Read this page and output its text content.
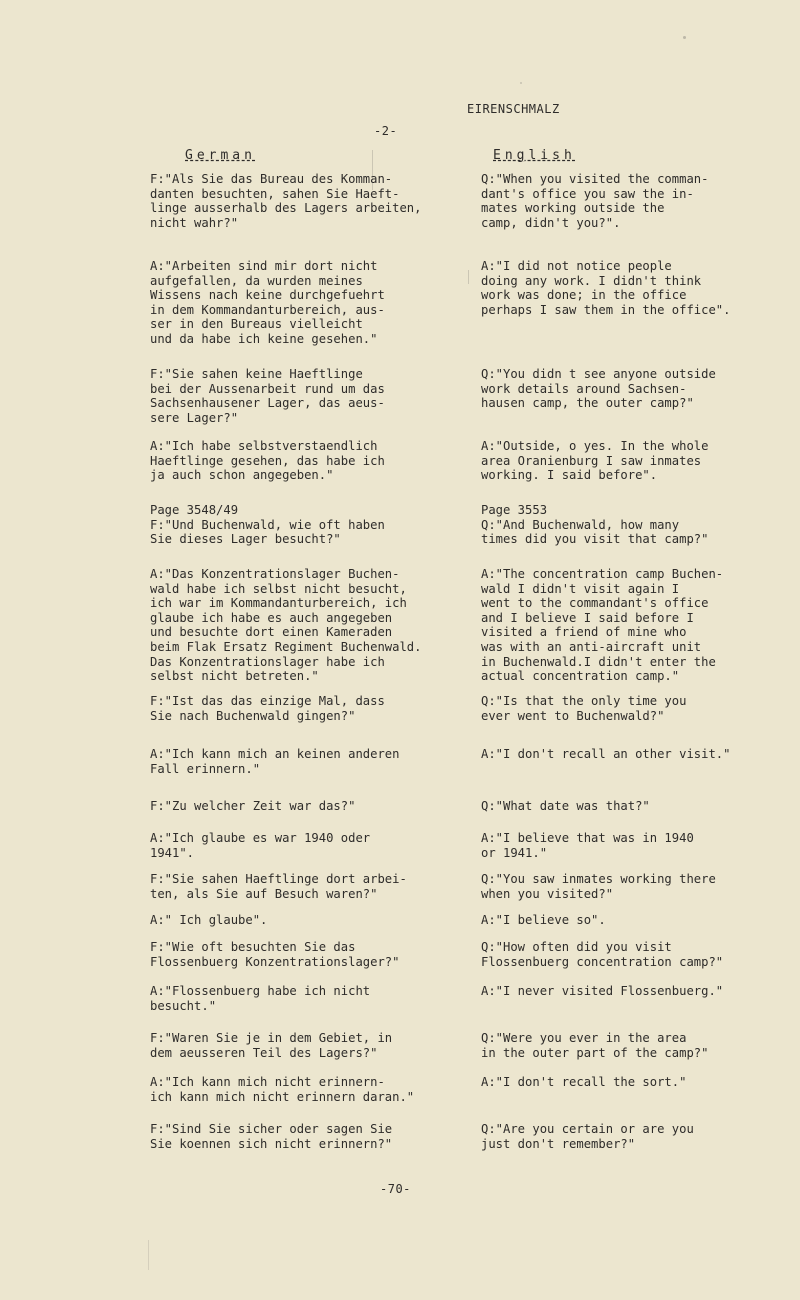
EIRENSCHMALZ
-2-
German	English
F:"Als Sie das Bureau des Komman-
danten besuchten, sahen Sie Haeft-
linge ausserhalb des Lagers arbeiten,
nicht wahr?"
A:"Arbeiten sind mir dort nicht
aufgefallen, da wurden meines
Wissens nach keine durchgefuehrt
in dem Kommandanturbereich, aus-
ser in den Bureaus vielleicht
und da habe ich keine gesehen."
F:"Sie sahen keine Haeftlinge
bei der Aussenarbeit rund um das
Sachsenhausener Lager, das aeus-
sere Lager?"
A:"Ich habe selbstverstaendlich
Haeftlinge gesehen, das habe ich
ja auch schon angegeben."
Page 3548/49
F:"Und Buchenwald, wie oft haben
Sie dieses Lager besucht?"
A:"Das Konzentrationslager Buchen-
wald habe ich selbst nicht besucht,
ich war im Kommandanturbereich, ich
glaube ich habe es auch angegeben
und besuchte dort einen Kameraden
beim Flak Ersatz Regiment Buchenwald.
Das Konzentrationslager habe ich
selbst nicht betreten."
F:"Ist das das einzige Mal, dass
Sie nach Buchenwald gingen?"
A:"Ich kann mich an keinen anderen
Fall erinnern."
F:"Zu welcher Zeit war das?"
A:"Ich glaube es war 1940 oder
1941".
F:"Sie sahen Haeftlinge dort arbei-
ten, als Sie auf Besuch waren?"
A:" Ich glaube".
F:"Wie oft besuchten Sie das
Flossenbuerg Konzentrationslager?"
A:"Flossenbuerg habe ich nicht
besucht."
F:"Waren Sie je in dem Gebiet, in
dem aeusseren Teil des Lagers?"
A:"Ich kann mich nicht erinnern-
ich kann mich nicht erinnern daran."
F:"Sind Sie sicher oder sagen Sie
Sie koennen sich nicht erinnern?"
Q:"When you visited the comman-
dant's office you saw the in-
mates working outside the
camp, didn't you?".
A:"I did not notice people
doing any work. I didn't think
work was done; in the office
perhaps I saw them in the office".
Q:"You didn t see anyone outside
work details around Sachsen-
hausen camp, the outer camp?"
A:"Outside, o yes. In the whole
area Oranienburg I saw inmates
working. I said before".
Page 3553
Q:"And Buchenwald, how many
times did you visit that camp?"
A:"The concentration camp Buchen-
wald I didn't visit again I
went to the commandant's office
and I believe I said before I
visited a friend of mine who
was with an anti-aircraft unit
in Buchenwald.I didn't enter the
actual concentration camp."
Q:"Is that the only time you
ever went to Buchenwald?"
A:"I don't recall an other visit."
Q:"What date was that?"
A:"I believe that was in 1940
or 1941."
Q:"You saw inmates working there
when you visited?"
A:"I believe so".
Q:"How often did you visit
Flossenbuerg concentration camp?"
A:"I never visited Flossenbuerg."
Q:"Were you ever in the area
in the outer part of the camp?"
A:"I don't recall the sort."
Q:"Are you certain or are you
just don't remember?"
-70-
